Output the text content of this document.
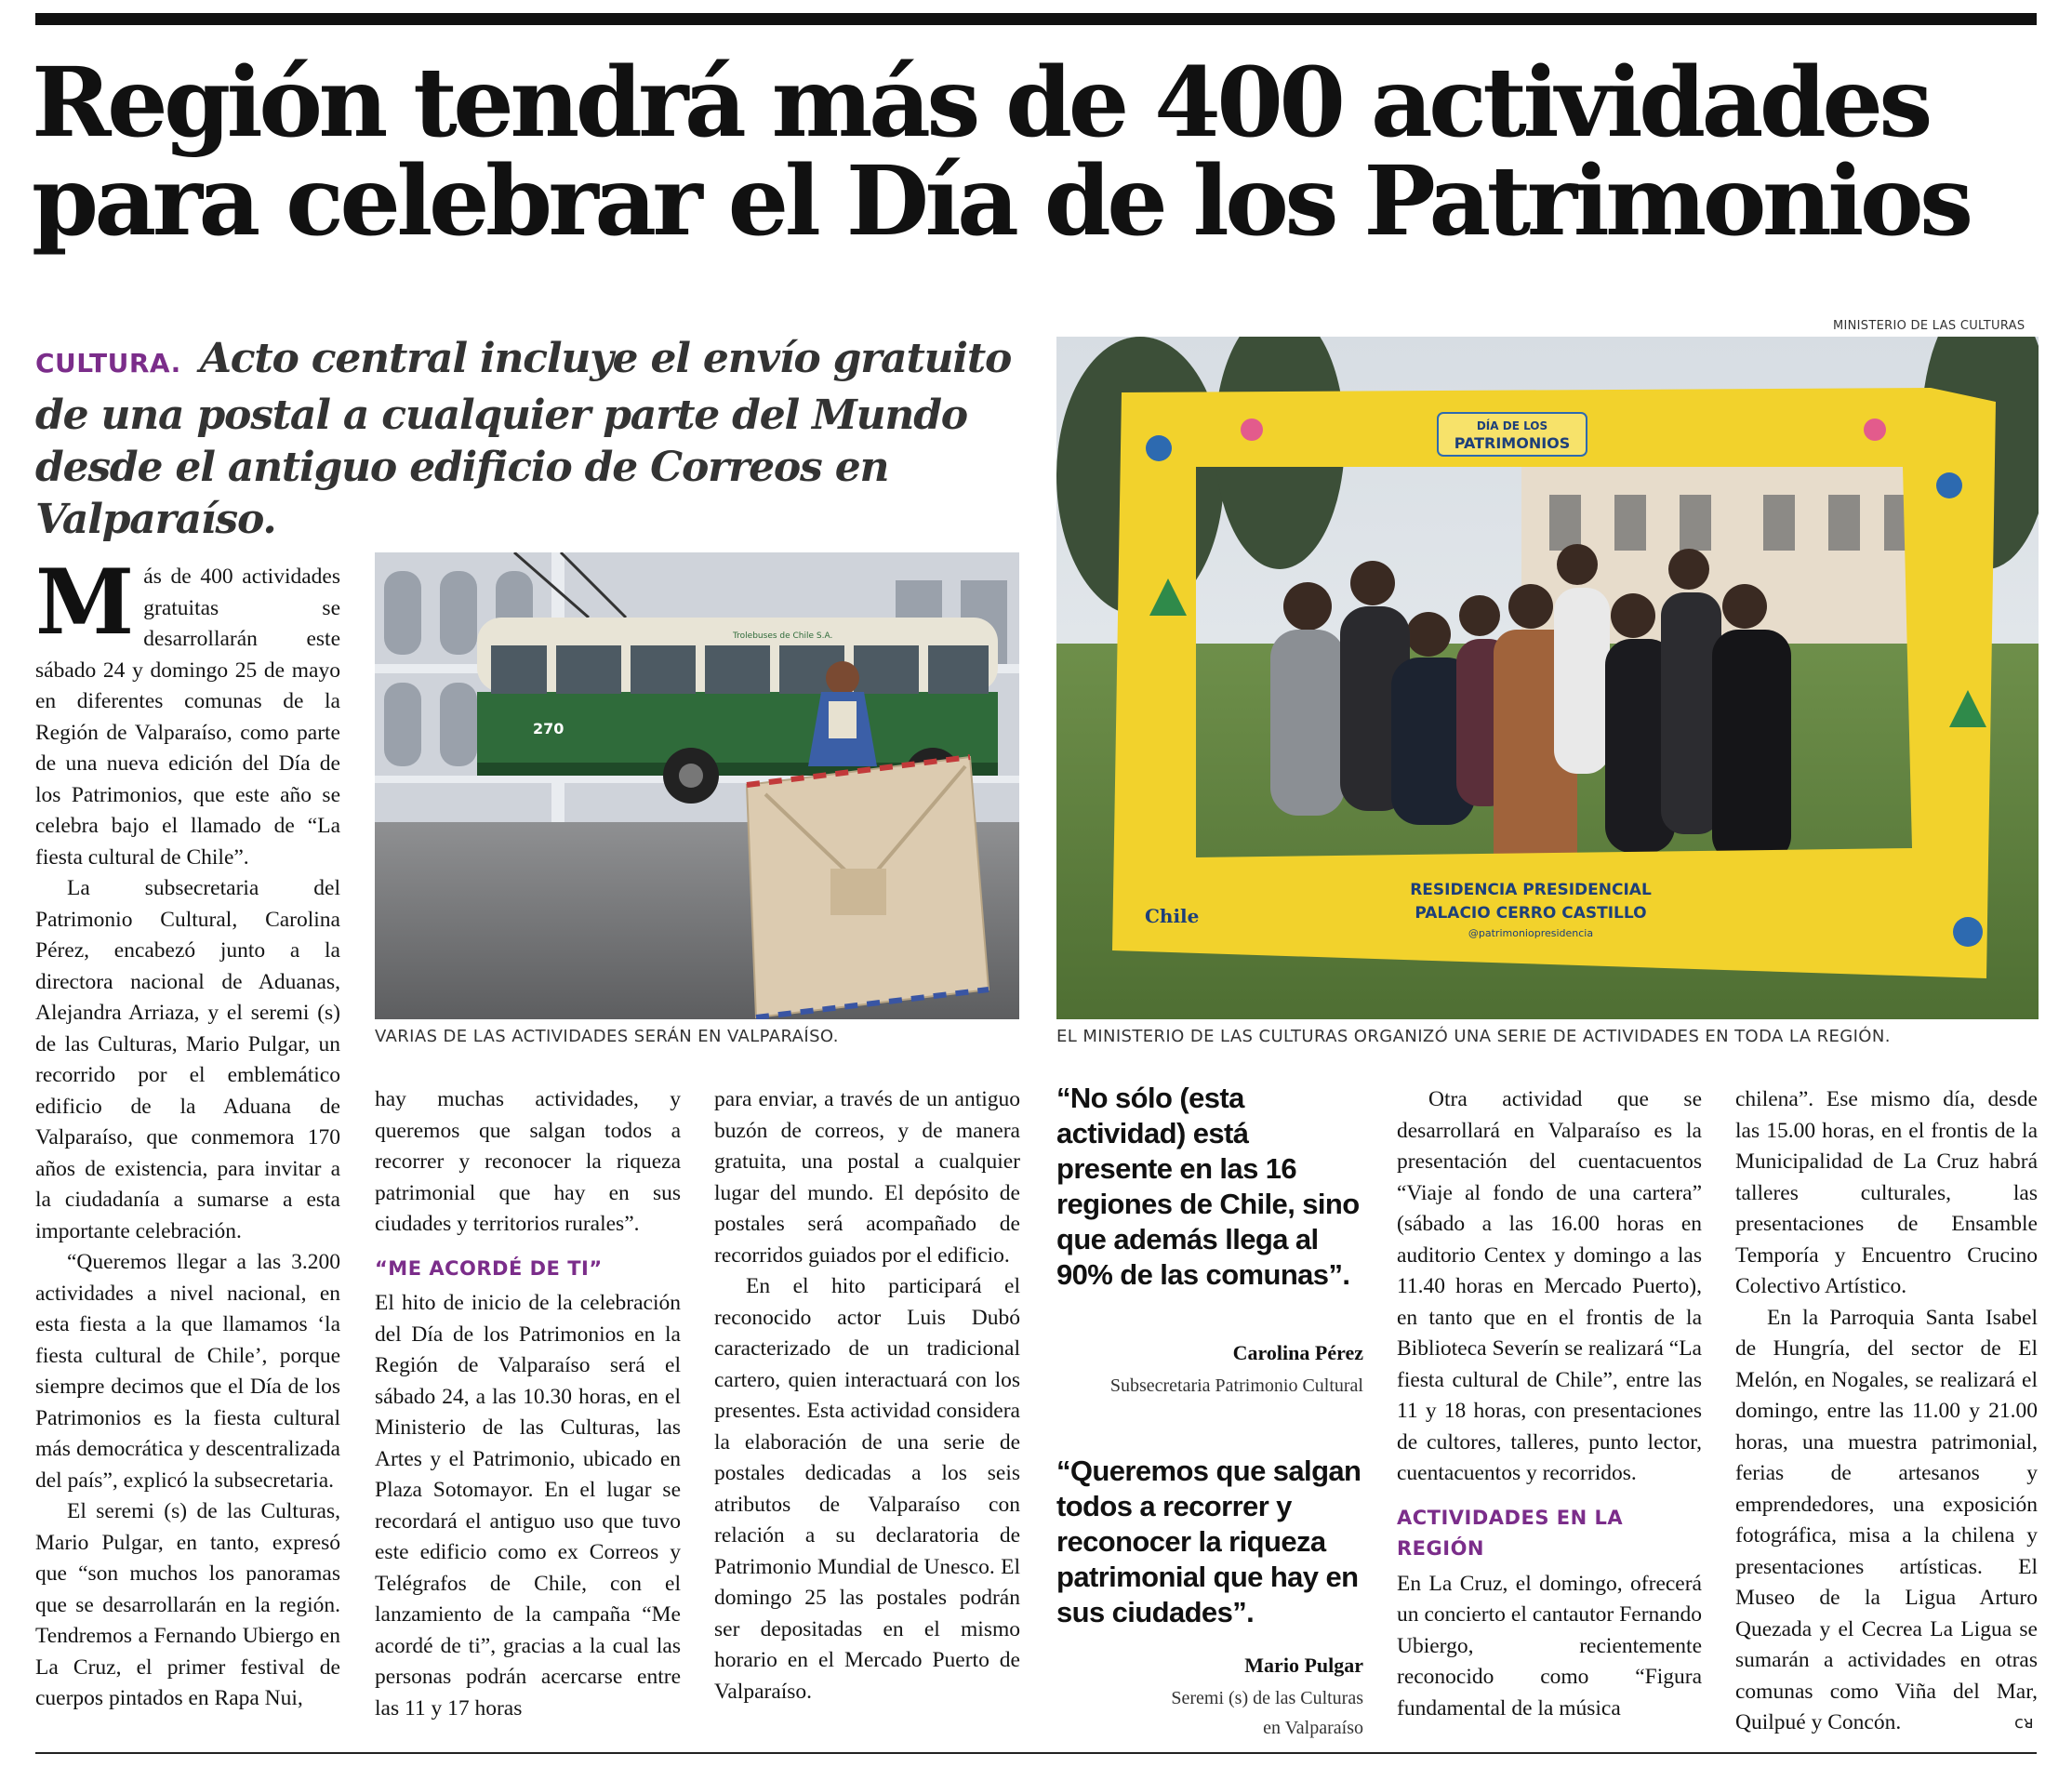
Región tendrá más de 400 actividades
para celebrar el Día de los Patrimonios
CULTURA. Acto central incluye el envío gratuito de una postal a cualquier parte del Mundo desde el antiguo edificio de Correos en Valparaíso.
MINISTERIO DE LAS CULTURAS
270
Trolebuses de Chile S.A.
VARIAS DE LAS ACTIVIDADES SERÁN EN VALPARAÍSO.
DÍA DE LOS
PATRIMONIOS
RESIDENCIA PRESIDENCIAL
PALACIO CERRO CASTILLO
@patrimoniopresidencia
Chile
EL MINISTERIO DE LAS CULTURAS ORGANIZÓ UNA SERIE DE ACTIVIDADES EN TODA LA REGIÓN.

Más de 400 actividades gratuitas se desarrollarán este sábado 24 y domingo 25 de mayo en diferentes comunas de la Región de Valparaíso, como parte de una nueva edición del Día de los Patrimonios, que este año se celebra bajo el llamado de “La fiesta cultural de Chile”.

La subsecretaria del Patrimonio Cultural, Carolina Pérez, encabezó junto a la directora nacional de Aduanas, Alejandra Arriaza, y el seremi (s) de las Culturas, Mario Pulgar, un recorrido por el emblemático edificio de la Aduana de Valparaíso, que conmemora 170 años de existencia, para invitar a la ciudadanía a sumarse a esta importante celebración.

“Queremos llegar a las 3.200 actividades a nivel nacional, en esta fiesta a la que llamamos ‘la fiesta cultural de Chile’, porque siempre decimos que el Día de los Patrimonios es la fiesta cultural más democrática y descentralizada del país”, explicó la subsecretaria.

El seremi (s) de las Culturas, Mario Pulgar, en tanto, expresó que “son muchos los panoramas que se desarrollarán en la región. Tendremos a Fernando Ubiergo en La Cruz, el primer festival de cuerpos pintados en Rapa Nui,

hay muchas actividades, y queremos que salgan todos a recorrer y reconocer la riqueza patrimonial que hay en sus ciudades y territorios rurales”.

“ME ACORDÉ DE TI”

El hito de inicio de la celebración del Día de los Patrimonios en la Región de Valparaíso será el sábado 24, a las 10.30 horas, en el Ministerio de las Culturas, las Artes y el Patrimonio, ubicado en Plaza Sotomayor. En el lugar se recordará el antiguo uso que tuvo este edificio como ex Correos y Telégrafos de Chile, con el lanzamiento de la campaña “Me acordé de ti”, gracias a la cual las personas podrán acercarse entre las 11 y 17 horas

para enviar, a través de un antiguo buzón de correos, y de manera gratuita, una postal a cualquier lugar del mundo. El depósito de postales será acompañado de recorridos guiados por el edificio.

En el hito participará el reconocido actor Luis Dubó caracterizado de un tradicional cartero, quien interactuará con los presentes. Esta actividad considera la elaboración de una serie de postales dedicadas a los seis atributos de Valparaíso con relación a su declaratoria de Patrimonio Mundial de Unesco. El domingo 25 las postales podrán ser depositadas en el mismo horario en el Mercado Puerto de Valparaíso.

“No sólo (esta actividad) está presente en las 16 regiones de Chile, sino que además llega al 90% de las comunas”.
Carolina Pérez
Subsecretaria Patrimonio Cultural
“Queremos que salgan todos a recorrer y reconocer la riqueza patrimonial que hay en sus ciudades”.
Mario Pulgar
Seremi (s) de las Culturas
en Valparaíso

Otra actividad que se desarrollará en Valparaíso es la presentación del cuentacuentos “Viaje al fondo de una cartera” (sábado a las 16.00 horas en auditorio Centex y domingo a las 11.40 horas en Mercado Puerto), en tanto que en el frontis de la Biblioteca Severín se realizará “La fiesta cultural de Chile”, entre las 11 y 18 horas, con presentaciones de cultores, talleres, punto lector, cuentacuentos y recorridos.

ACTIVIDADES EN LA REGIÓN

En La Cruz, el domingo, ofrecerá un concierto el cantautor Fernando Ubiergo, recientemente reconocido como “Figura fundamental de la música

chilena”. Ese mismo día, desde las 15.00 horas, en el frontis de la Municipalidad de La Cruz habrá talleres culturales, las presentaciones de Ensamble Temporía y Encuentro Crucino Colectivo Artístico.

En la Parroquia Santa Isabel de Hungría, del sector de El Melón, en Nogales, se realizará el domingo, entre las 11.00 y 21.00 horas, una muestra patrimonial, ferias de artesanos y emprendedores, una exposición fotográfica, misa a la chilena y presentaciones artísticas. El Museo de la Ligua Arturo Quezada y el Cecrea La Ligua se sumarán a actividades en otras comunas como Viña del Mar, Quilpué y Concón.	ᴄᴚ
